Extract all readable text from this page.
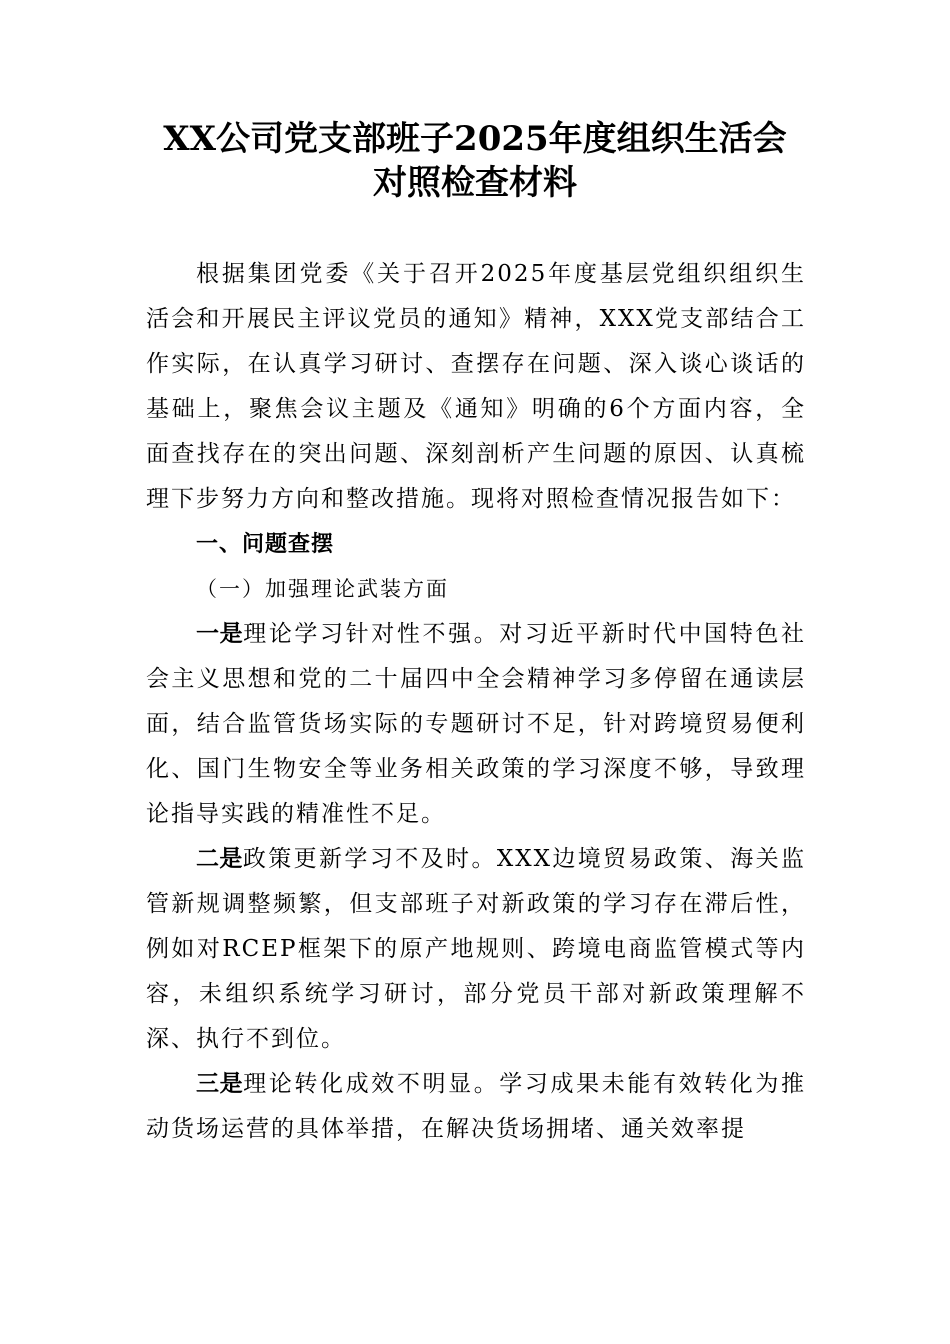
XX公司党支部班子2025年度组织生活会
对照检查材料

根据集团党委《关于召开2025年度基层党组织组织生活会和开展民主评议党员的通知》精神，XXX党支部结合工作实际，在认真学习研讨、查摆存在问题、深入谈心谈话的基础上，聚焦会议主题及《通知》明确的6个方面内容，全面查找存在的突出问题、深刻剖析产生问题的原因、认真梳理下步努力方向和整改措施。现将对照检查情况报告如下：

一、问题查摆

（一）加强理论武装方面

一是理论学习针对性不强。对习近平新时代中国特色社会主义思想和党的二十届四中全会精神学习多停留在通读层面，结合监管货场实际的专题研讨不足，针对跨境贸易便利化、国门生物安全等业务相关政策的学习深度不够，导致理论指导实践的精准性不足。

二是政策更新学习不及时。XXX边境贸易政策、海关监管新规调整频繁，但支部班子对新政策的学习存在滞后性，例如对RCEP框架下的原产地规则、跨境电商监管模式等内容，未组织系统学习研讨，部分党员干部对新政策理解不深、执行不到位。

三是理论转化成效不明显。学习成果未能有效转化为推动货场运营的具体举措，在解决货场拥堵、通关效率提
